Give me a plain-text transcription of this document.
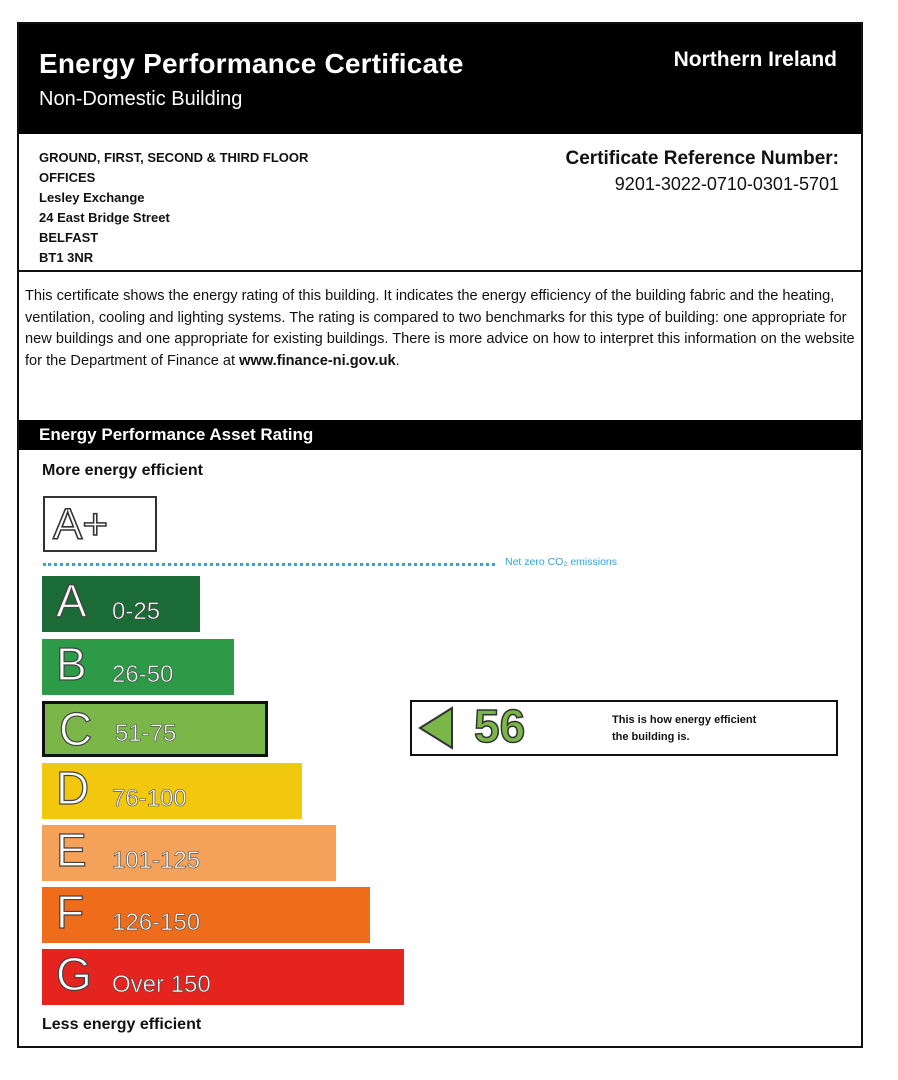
Energy Performance Certificate
Non-Domestic Building
Northern Ireland
GROUND, FIRST, SECOND & THIRD FLOOR
OFFICES
Lesley Exchange
24 East Bridge Street
BELFAST
BT1 3NR
Certificate Reference Number:
9201-3022-0710-0301-5701
This certificate shows the energy rating of this building. It indicates the energy efficiency of the building fabric and the heating, ventilation, cooling and lighting systems. The rating is compared to two benchmarks for this type of building: one appropriate for new buildings and one appropriate for existing buildings. There is more advice on how to interpret this information on the website for the Department of Finance at www.finance-ni.gov.uk.
Energy Performance Asset Rating
More energy efficient
A+
Net zero CO₂ emissions
A 0-25
B 26-50
C 51-75
D 76-100
E 101-125
F 126-150
G Over 150
56	This is how energy efficient
the building is.
Less energy efficient
